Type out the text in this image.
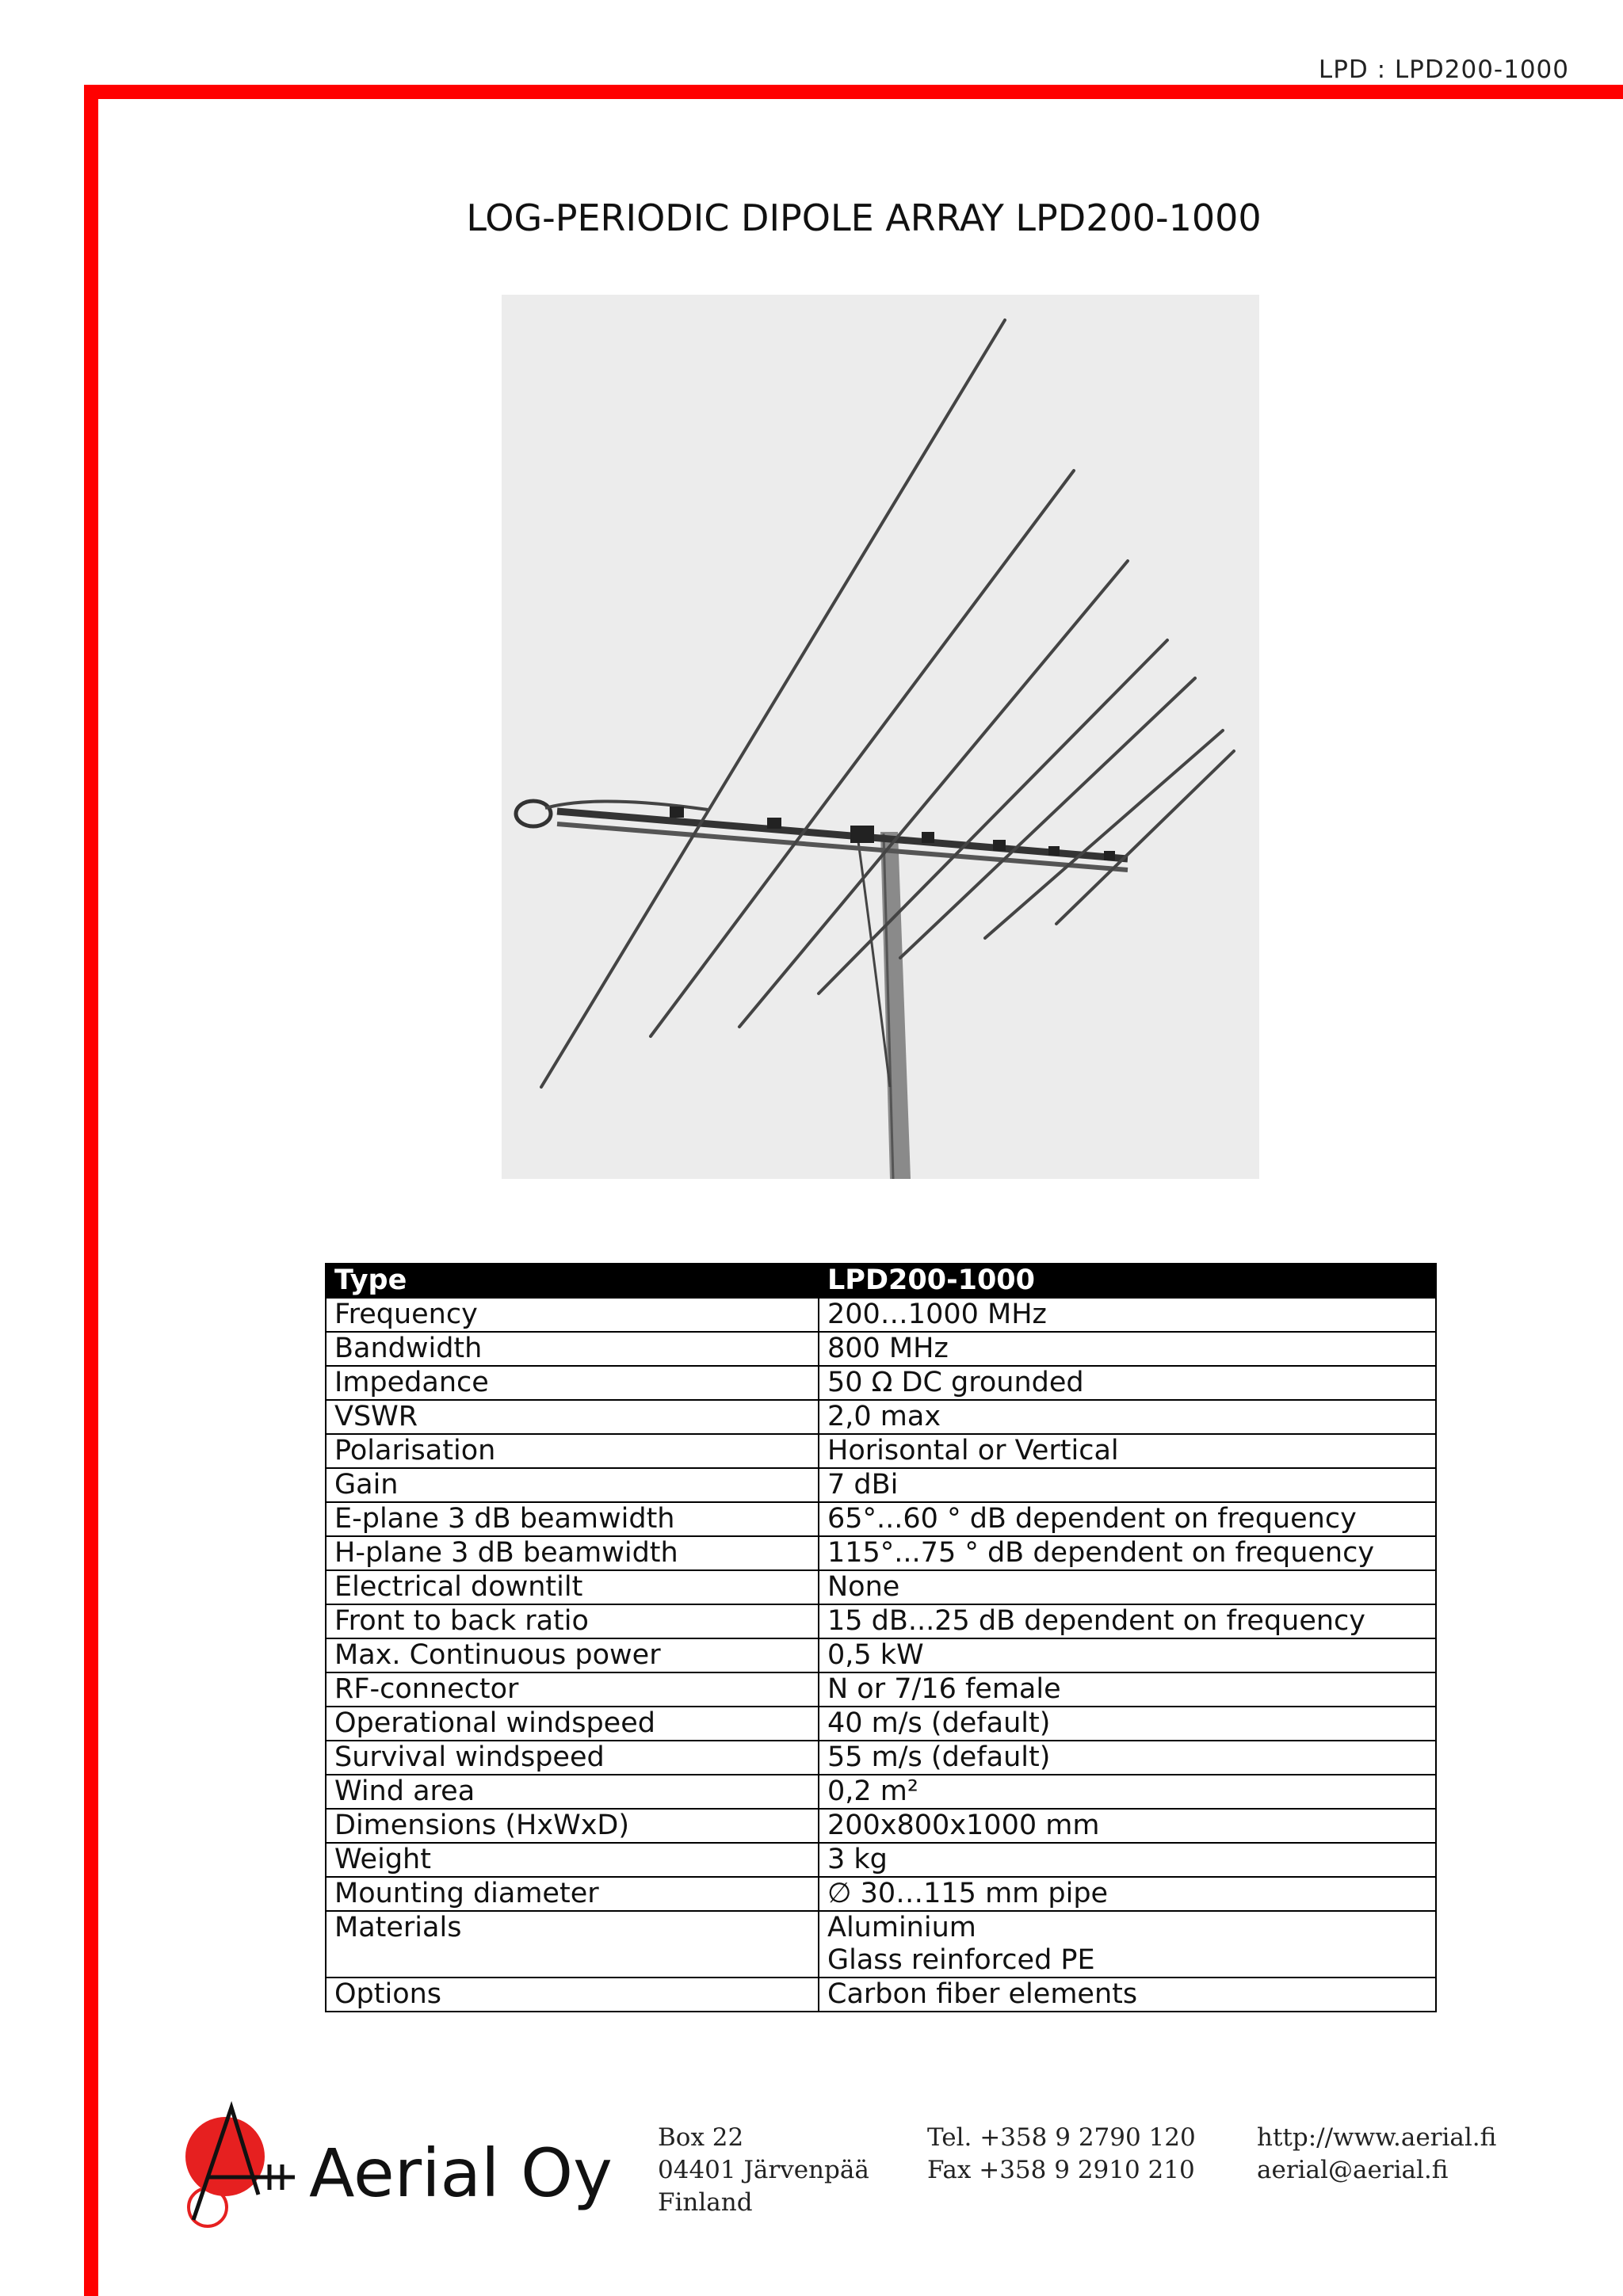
LPD : LPD200-1000
LOG-PERIODIC DIPOLE ARRAY LPD200-1000
Type	LPD200-1000
Frequency	200…1000 MHz
Bandwidth	800 MHz
Impedance	50 Ω DC grounded
VSWR	2,0 max
Polarisation	Horisontal or Vertical
Gain	7 dBi
E-plane 3 dB beamwidth	65°...60 ° dB dependent on frequency
H-plane 3 dB beamwidth	115°...75 ° dB dependent on frequency
Electrical downtilt	None
Front to back ratio	15 dB...25 dB dependent on frequency
Max. Continuous power	0,5 kW
RF-connector	N or 7/16 female
Operational windspeed	40 m/s (default)
Survival windspeed	55 m/s (default)
Wind area	0,2 m²
Dimensions (HxWxD)	200x800x1000 mm
Weight	3 kg
Mounting diameter	∅ 30…115 mm pipe
Materials	Aluminium
Glass reinforced PE

Options	Carbon fiber elements
Aerial Oy Box 22
04401 Järvenpää
Finland
Tel. +358 9 2790 120
Fax +358 9 2910 210
http://www.aerial.fi
aerial@aerial.fi
